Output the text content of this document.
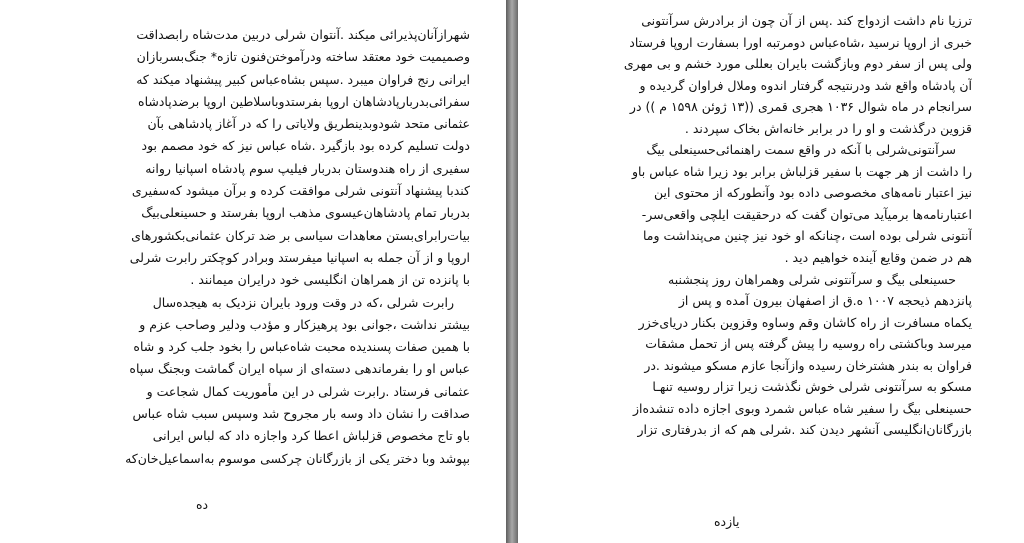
شهرازآنان‌پذیرائی میکند .آنتوان شرلی دربین مدت‌شاه رابصداقت
وصمیمیت خود معتقد ساخته ودرآموختن‌فنون تازه* جنگ‌بسربازان
ایرانی رنج فراوان میبرد .سپس بشاه‌عباس کبیر پیشنهاد میکند که
سفرائی‌بدربارپادشاهان اروپا بفرستدوباسلاطین اروپا برضدپادشاه
عثمانی متحد شودوبدینطریق ولایاتی را که در آغاز پادشاهی بآن
دولت تسلیم کرده بود بازگیرد .شاه عباس نیز که خود مصمم بود
سفیری از راه هندوستان بدربار فیلیپ سوم پادشاه اسپانیا روانه
کندبا پیشنهاد آنتونی شرلی موافقت کرده و برآن میشود که‌سفیری
بدربار تمام پادشاهان‌عیسوی مذهب اروپا بفرستد و حسینعلی‌بیگ
بیات‌رابرای‌بستن معاهدات سیاسی بر ضد ترکان عثمانی‌بکشورهای
اروپا و از آن جمله به اسپانیا میفرستد وبرادر کوچکتر رابرت شرلی
با پانزده تن از همراهان انگلیسی خود درایران میمانند .
رابرت شرلی ،که در وقت ورود بایران نزدیک به هیجده‌سال
بیشتر نداشت ،جوانی بود پرهیزکار و مؤدب ودلیر وصاحب عزم و
با همین صفات پسندیده محبت شاه‌عباس را بخود جلب کرد و شاه
عباس او را بفرماندهی دسته‌ای از سپاه ایران گماشت وبجنگ سپاه
عثمانی فرستاد .رابرت شرلی در این مأموریت کمال شجاعت و
صداقت را نشان داد وسه بار مجروح شد وسپس سبب شاه عباس
باو تاج مخصوص قزلباش اعطا کرد واجازه داد که لباس ایرانی
بپوشد وبا دختر یکی از بازرگانان چرکسی موسوم به‌اسماعیل‌خان‌که
ده
ترزیا نام داشت ازدواج کند .پس از آن چون از برادرش سرآنتونی
خبری از اروپا نرسید ،شاه‌عباس دومرتبه اورا بسفارت اروپا فرستاد
ولی پس از سفر دوم وبازگشت بایران بعللی مورد خشم و بی مهری
آن پادشاه واقع شد ودرنتیجه گرفتار اندوه وملال فراوان گردیده و
سرانجام در ماه شوال ۱۰۳۶ هجری قمری ((۱۳ ژوئن ۱۵۹۸ م )) در
قزوین درگذشت و او را در برابر خانه‌اش بخاک سپردند .
سرآنتونی‌شرلی با آنکه در واقع سمت راهنمائی‌حسینعلی بیگ
را داشت از هر جهت با سفیر قزلباش برابر بود زیرا شاه عباس باو
نیز اعتبار نامه‌های مخصوصی داده بود وآنطورکه از محتوی این
اعتبارنامه‌ها برمیآید می‌توان گفت که درحقیقت ایلچی واقعی‌سر-
آنتونی شرلی بوده است ،چنانکه او خود نیز چنین می‌پنداشت وما
هم در ضمن وقایع آینده خواهیم دید .
حسینعلی بیگ و سرآنتونی شرلی وهمراهان روز پنجشنبه
پانزدهم ذیحجه ۱۰۰۷ ه.ق از اصفهان بیرون آمده و پس از
یکماه مسافرت از راه کاشان وقم وساوه وقزوین بکنار دریای‌خزر
میرسد وباکشتی راه روسیه را پیش گرفته پس از تحمل مشقات
فراوان به بندر هشترخان رسیده وازآنجا عازم مسکو میشوند .در
مسکو به سرآنتونی شرلی خوش نگذشت زیرا تزار روسیه تنهـا
حسینعلی بیگ را سفیر شاه عباس شمرد وبوی اجازه داده تنشده‌از
بازرگانان‌انگلیسی آنشهر دیدن کند .شرلی هم که از بدرفتاری تزار
یازده
